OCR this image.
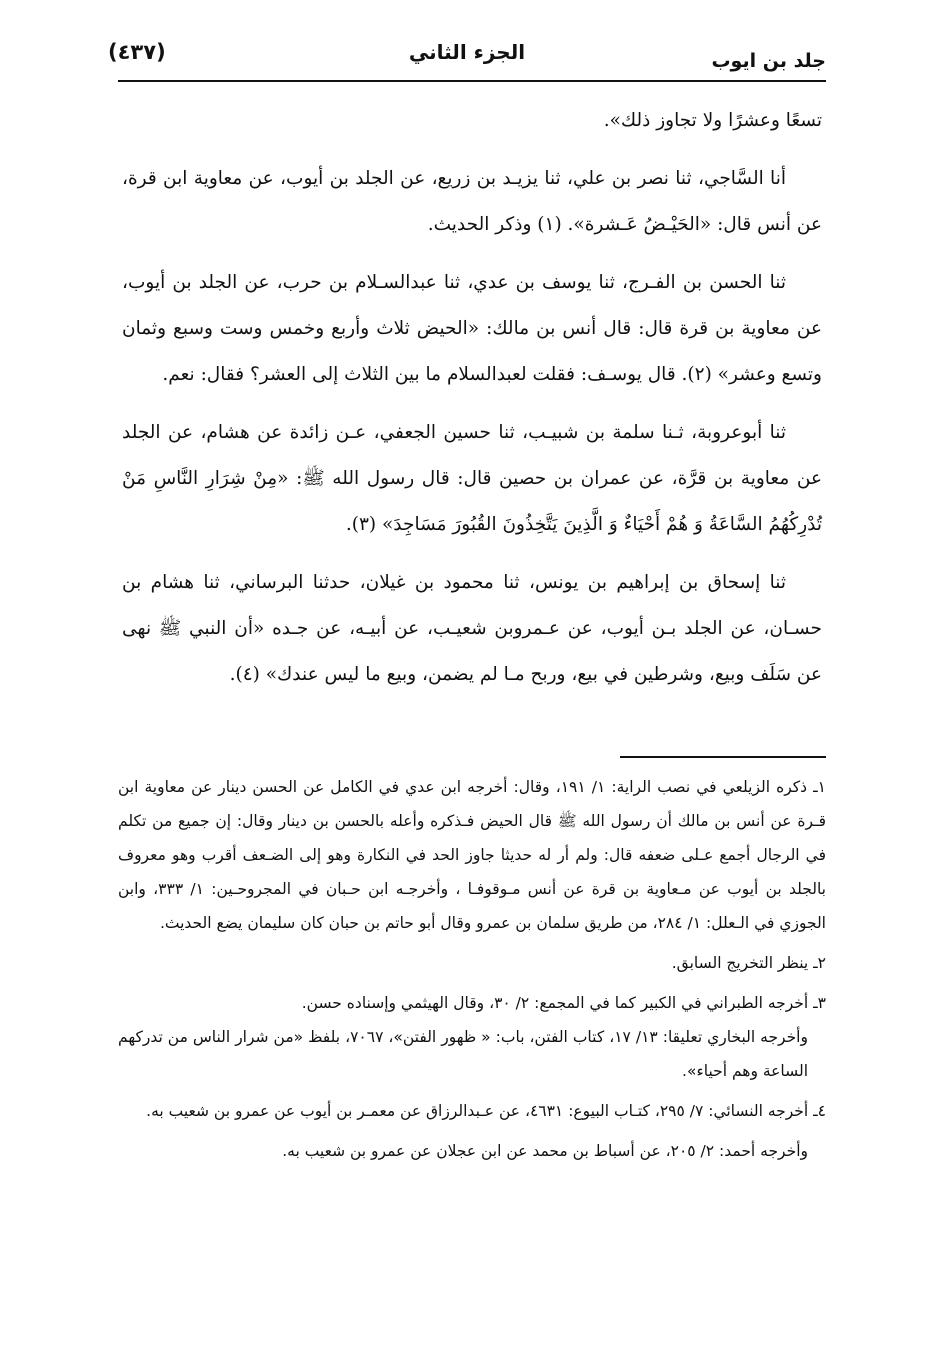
(٤٣٧)	الجزء الثاني	جلد بن ايوب

تسعًا وعشرًا ولا تجاوز ذلك».

أنا السَّاجي، ثنا نصر بن علي، ثنا يزيـد بن زريع، عن الجلد بن أيوب، عن معاوية ابن قرة، عن أنس قال: «الحَيْـضُ عَـشرة». (١) وذكر الحديث.

ثنا الحسن بن الفـرج، ثنا يوسف بن عدي، ثنا عبدالسـلام بن حرب، عن الجلد بن أيوب، عن معاوية بن قرة قال: قال أنس بن مالك: «الحيض ثلاث وأربع وخمس وست وسبع وثمان وتسع وعشر» (٢). قال يوسـف: فقلت لعبدالسلام ما بين الثلاث إلى العشر؟ فقال: نعم.

ثنا أبوعروبة، ثـنا سلمة بن شبيـب، ثنا حسين الجعفي، عـن زائدة عن هشام، عن الجلد عن معاوية بن قرَّة، عن عمران بن حصين قال: قال رسول الله ﷺ: «مِنْ شِرَارِ النَّاسِ مَنْ تُدْرِكُهُمُ السَّاعَةُ وَ هُمْ أَحْيَاءٌ وَ الَّذِينَ يَتَّخِذُونَ القُبُورَ مَسَاجِدَ» (٣).

ثنا إسحاق بن إبراهيم بن يونس، ثنا محمود بن غيلان، حدثنا البرساني، ثنا هشام بن حسـان، عن الجلد بـن أيوب، عن عـمروبن شعيـب، عن أبيـه، عن جـده «أن النبي ﷺ نهى عن سَلَف وبيع، وشرطين في بيع، وربح مـا لم يضمن، وبيع ما ليس عندك» (٤).

١ـ ذكره الزيلعي في نصب الراية: ١/ ١٩١، وقال: أخرجه ابن عدي في الكامل عن الحسن دينار عن معاوية ابن قـرة عن أنس بن مالك أن رسول الله ﷺ قال الحيض فـذكره وأعله بالحسن بن دينار وقال: إن جميع من تكلم في الرجال أجمع عـلى ضعفه قال: ولم أر له حديثا جاوز الحد في النكارة وهو إلى الضـعف أقرب وهو معروف بالجلد بن أيوب عن مـعاوية بن قرة عن أنس مـوقوفـا ، وأخرجـه ابن حـبان في المجروحـين: ١/ ٣٣٣، وابن الجوزي في الـعلل: ١/ ٢٨٤، من طريق سلمان بن عمرو وقال أبو حاتم بن حبان كان سليمان يضع الحديث.

٢ـ ينظر التخريج السابق.

٣ـ أخرجه الطبراني في الكبير كما في المجمع: ٢/ ٣٠، وقال الهيثمي وإسناده حسن.

وأخرجه البخاري تعليقا: ١٣/ ١٧، كتاب الفتن، باب: « ظهور الفتن»، ٧٠٦٧، بلفظ «من شرار الناس من تدركهم الساعة وهم أحياء».

٤ـ أخرجه النسائي: ٧/ ٢٩٥، كتـاب البيوع: ٤٦٣١، عن عـبدالرزاق عن معمـر بن أيوب عن عمرو بن شعيب به.

وأخرجه أحمد: ٢/ ٢٠٥، عن أسباط بن محمد عن ابن عجلان عن عمرو بن شعيب به.
